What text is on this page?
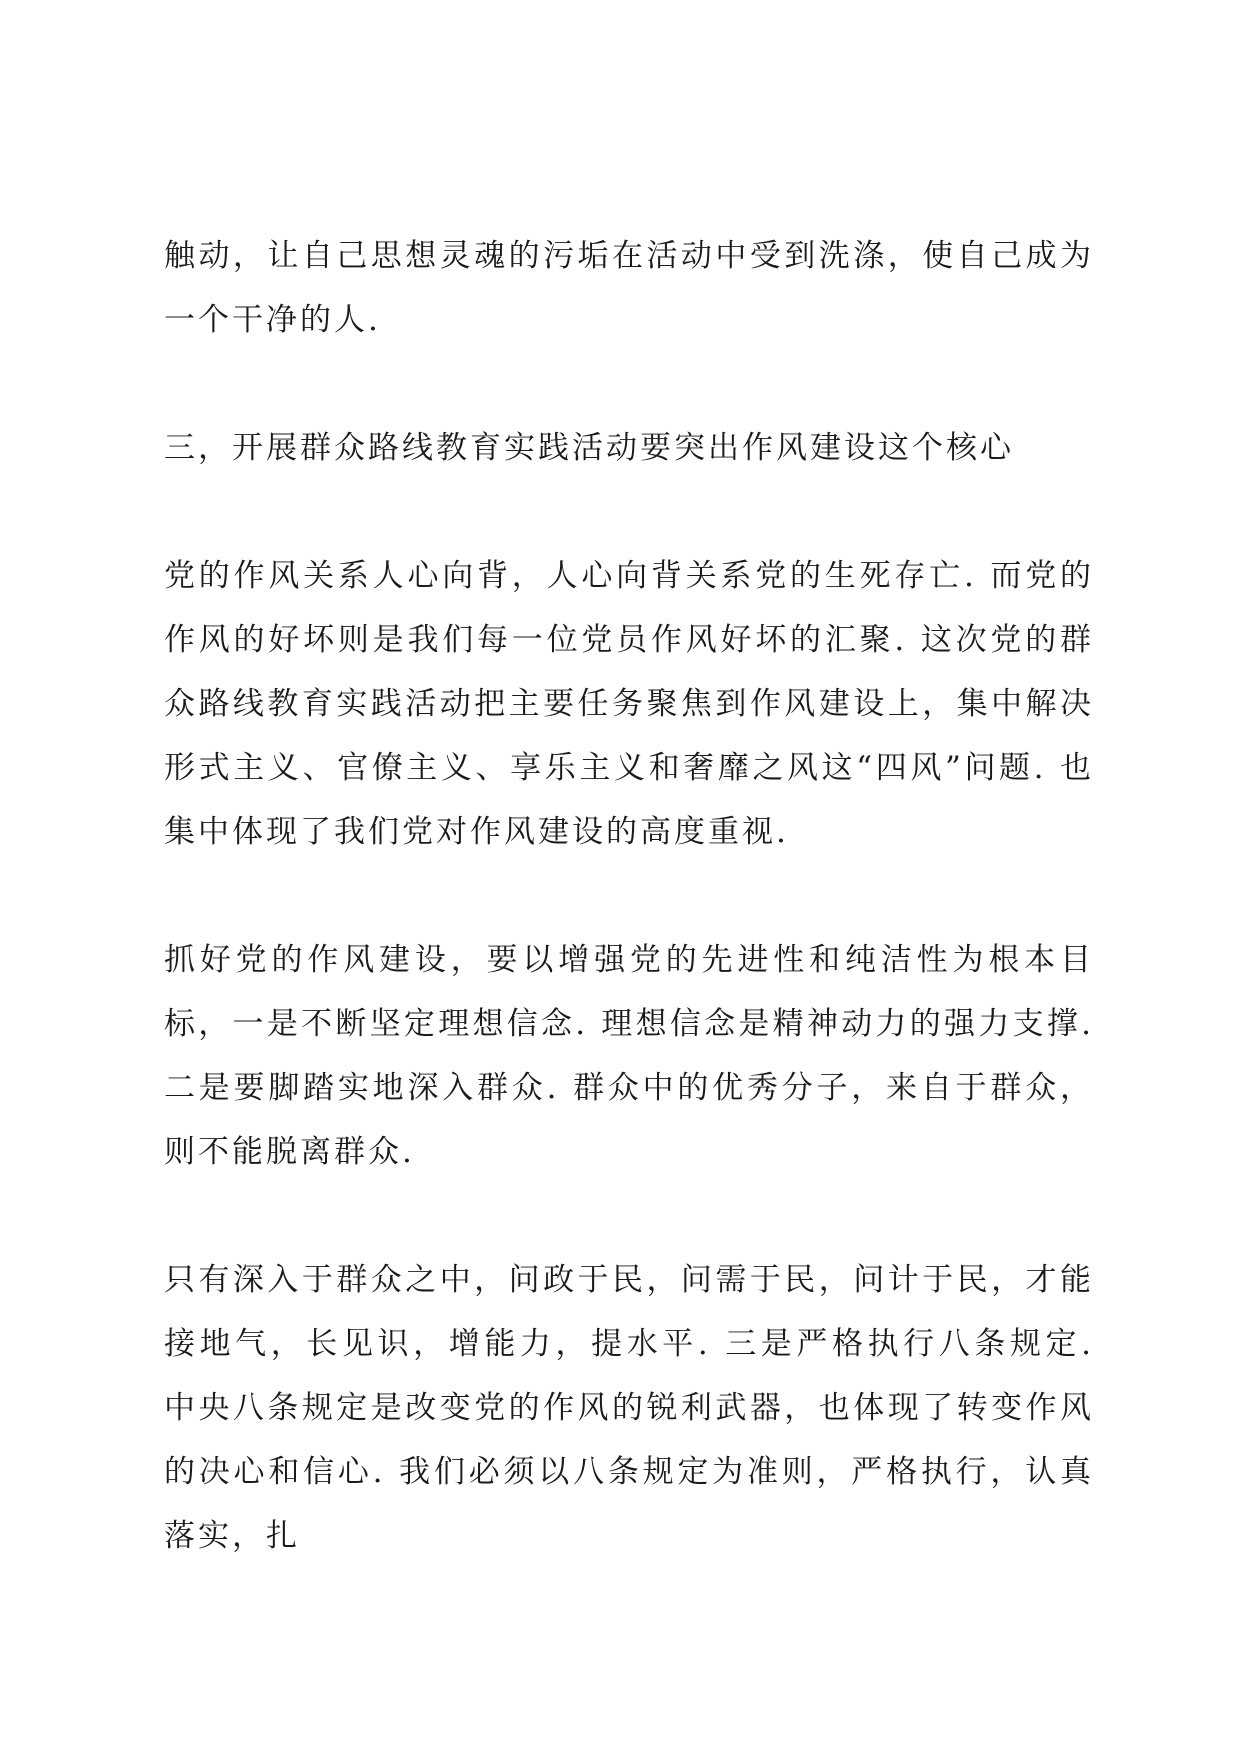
触动，让自己思想灵魂的污垢在活动中受到洗涤，使自己成为一个干净的人.

三，开展群众路线教育实践活动要突出作风建设这个核心

党的作风关系人心向背，人心向背关系党的生死存亡. 而党的作风的好坏则是我们每一位党员作风好坏的汇聚. 这次党的群众路线教育实践活动把主要任务聚焦到作风建设上，集中解决形式主义、官僚主义、享乐主义和奢靡之风这“四风”问题. 也集中体现了我们党对作风建设的高度重视.

抓好党的作风建设，要以增强党的先进性和纯洁性为根本目标，一是不断坚定理想信念. 理想信念是精神动力的强力支撑. 二是要脚踏实地深入群众. 群众中的优秀分子，来自于群众，则不能脱离群众.

只有深入于群众之中，问政于民，问需于民，问计于民，才能接地气，长见识，增能力，提水平. 三是严格执行八条规定. 中央八条规定是改变党的作风的锐利武器，也体现了转变作风的决心和信心. 我们必须以八条规定为准则，严格执行，认真落实，扎
